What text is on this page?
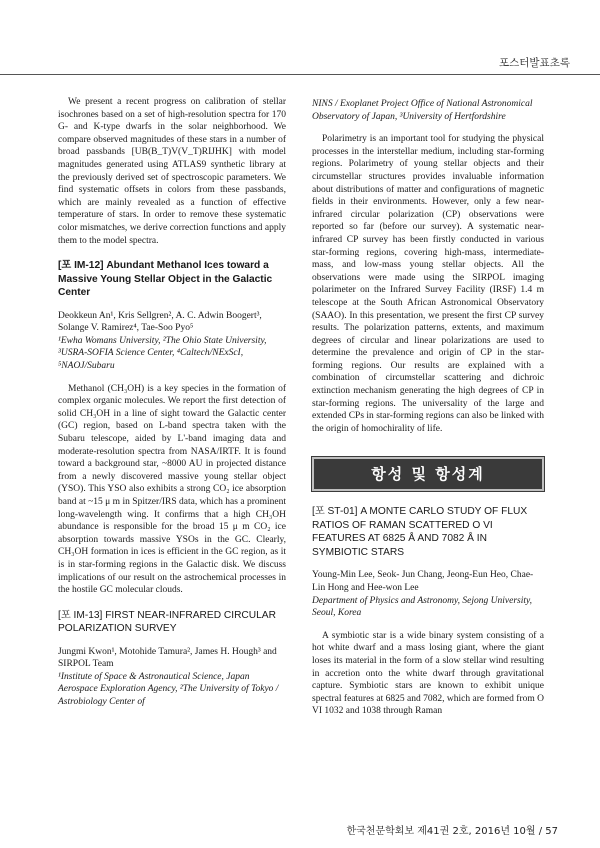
포스터발표초록

We present a recent progress on calibration of stellar isochrones based on a set of high-resolution spectra for 170 G- and K-type dwarfs in the solar neighborhood. We compare observed magnitudes of these stars in a number of broad passbands [UB(B_T)V(V_T)RIJHK] with model magnitudes generated using ATLAS9 synthetic library at the previously derived set of spectroscopic parameters. We find systematic offsets in colors from these passbands, which are mainly revealed as a function of effective temperature of stars. In order to remove these systematic color mismatches, we derive correction functions and apply them to the model spectra.

[포 IM-12] Abundant Methanol Ices toward a Massive Young Stellar Object in the Galactic Center

Deokkeun An¹, Kris Sellgren², A. C. Adwin Boogert³, Solange V. Ramirez⁴, Tae-Soo Pyo⁵

¹Ewha Womans University, ²The Ohio State University, ³USRA-SOFIA Science Center, ⁴Caltech/NExScI, ⁵NAOJ/Subaru

Methanol (CH₃OH) is a key species in the formation of complex organic molecules. We report the first detection of solid CH₃OH in a line of sight toward the Galactic center (GC) region, based on L-band spectra taken with the Subaru telescope, aided by L'-band imaging data and moderate-resolution spectra from NASA/IRTF. It is found toward a background star, ~8000 AU in projected distance from a newly discovered massive young stellar object (YSO). This YSO also exhibits a strong CO₂ ice absorption band at ~15 μ m in Spitzer/IRS data, which has a prominent long-wavelength wing. It confirms that a high CH₃OH abundance is responsible for the broad 15 μ m CO₂ ice absorption towards massive YSOs in the GC. Clearly, CH₃OH formation in ices is efficient in the GC region, as it is in star-forming regions in the Galactic disk. We discuss implications of our result on the astrochemical processes in the hostile GC molecular clouds.

[포 IM-13] FIRST NEAR-INFRARED CIRCULAR POLARIZATION SURVEY

Jungmi Kwon¹, Motohide Tamura², James H. Hough³ and SIRPOL Team

¹Institute of Space & Astronautical Science, Japan Aerospace Exploration Agency, ²The University of Tokyo / Astrobiology Center of

NINS / Exoplanet Project Office of National Astronomical Observatory of Japan, ³University of Hertfordshire

Polarimetry is an important tool for studying the physical processes in the interstellar medium, including star-forming regions. Polarimetry of young stellar objects and their circumstellar structures provides invaluable information about distributions of matter and configurations of magnetic fields in their environments. However, only a few near-infrared circular polarization (CP) observations were reported so far (before our survey). A systematic near-infrared CP survey has been firstly conducted in various star-forming regions, covering high-mass, intermediate-mass, and low-mass young stellar objects. All the observations were made using the SIRPOL imaging polarimeter on the Infrared Survey Facility (IRSF) 1.4 m telescope at the South African Astronomical Observatory (SAAO). In this presentation, we present the first CP survey results. The polarization patterns, extents, and maximum degrees of circular and linear polarizations are used to determine the prevalence and origin of CP in the star-forming regions. Our results are explained with a combination of circumstellar scattering and dichroic extinction mechanism generating the high degrees of CP in star-forming regions. The universality of the large and extended CPs in star-forming regions can also be linked with the origin of homochirality of life.

항성 및 항성계
[포 ST-01] A MONTE CARLO STUDY OF FLUX RATIOS OF RAMAN SCATTERED O VI FEATURES AT 6825 Å AND 7082 Å IN SYMBIOTIC STARS

Young-Min Lee, Seok- Jun Chang, Jeong-Eun Heo, Chae-Lin Hong and Hee-won Lee

Department of Physics and Astronomy, Sejong University, Seoul, Korea

A symbiotic star is a wide binary system consisting of a hot white dwarf and a mass losing giant, where the giant loses its material in the form of a slow stellar wind resulting in accretion onto the white dwarf through gravitational capture. Symbiotic stars are known to exhibit unique spectral features at 6825 and 7082, which are formed from O VI 1032 and 1038 through Raman

한국천문학회보 제41권 2호, 2016년 10월 / 57
